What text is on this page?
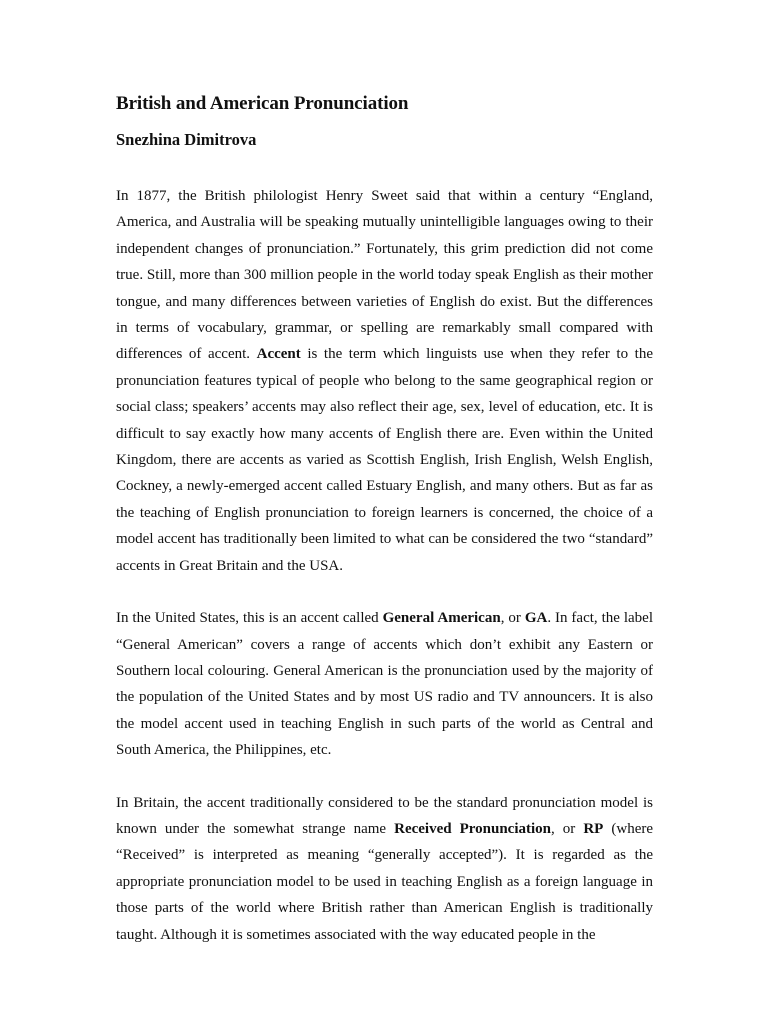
British and American Pronunciation
Snezhina Dimitrova

In 1877, the British philologist Henry Sweet said that within a century “England, America, and Australia will be speaking mutually unintelligible languages owing to their independent changes of pronunciation.” Fortunately, this grim prediction did not come true. Still, more than 300 million people in the world today speak English as their mother tongue, and many differences between varieties of English do exist. But the differences in terms of vocabulary, grammar, or spelling are remarkably small compared with differences of accent. Accent is the term which linguists use when they refer to the pronunciation features typical of people who belong to the same geographical region or social class; speakers’ accents may also reflect their age, sex, level of education, etc. It is difficult to say exactly how many accents of English there are. Even within the United Kingdom, there are accents as varied as Scottish English, Irish English, Welsh English, Cockney, a newly-emerged accent called Estuary English, and many others. But as far as the teaching of English pronunciation to foreign learners is concerned, the choice of a model accent has traditionally been limited to what can be considered the two “standard” accents in Great Britain and the USA.

In the United States, this is an accent called General American, or GA. In fact, the label “General American” covers a range of accents which don’t exhibit any Eastern or Southern local colouring. General American is the pronunciation used by the majority of the population of the United States and by most US radio and TV announcers. It is also the model accent used in teaching English in such parts of the world as Central and South America, the Philippines, etc.

In Britain, the accent traditionally considered to be the standard pronunciation model is known under the somewhat strange name Received Pronunciation, or RP (where “Received” is interpreted as meaning “generally accepted”). It is regarded as the appropriate pronunciation model to be used in teaching English as a foreign language in those parts of the world where British rather than American English is traditionally taught. Although it is sometimes associated with the way educated people in the
